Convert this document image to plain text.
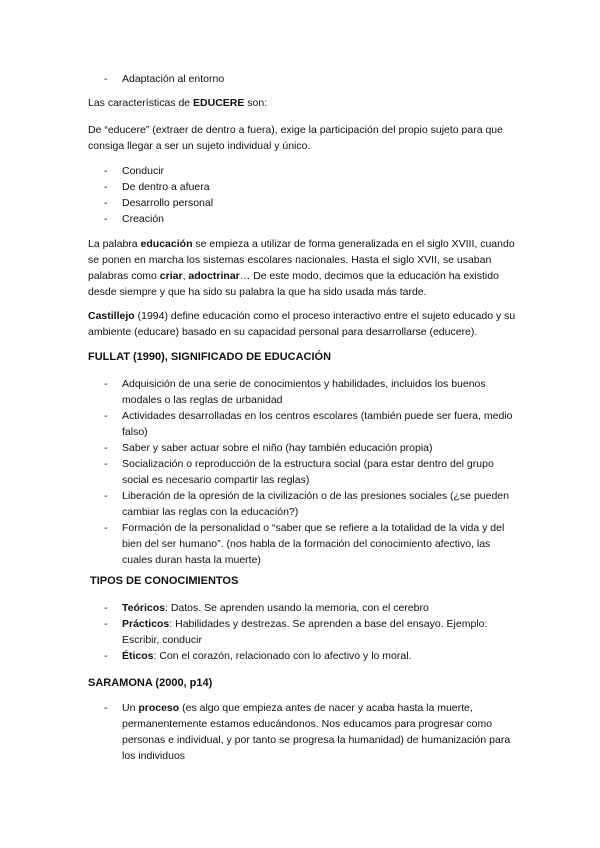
- Adaptación al entorno

Las características de EDUCERE son:

De “educere” (extraer de dentro a fuera), exige la participación del propio sujeto para que consiga llegar a ser un sujeto individual y único.

- Conducir
- De dentro a afuera
- Desarrollo personal
- Creación

La palabra educación se empieza a utilizar de forma generalizada en el siglo XVIII, cuando se ponen en marcha los sistemas escolares nacionales. Hasta el siglo XVII, se usaban palabras como criar, adoctrinar… De este modo, decimos que la educación ha existido desde siempre y que ha sido su palabra la que ha sido usada más tarde.

Castillejo (1994) define educación como el proceso interactivo entre el sujeto educado y su ambiente (educare) basado en su capacidad personal para desarrollarse (educere).

FULLAT (1990), SIGNIFICADO DE EDUCACIÓN

- Adquisición de una serie de conocimientos y habilidades, incluidos los buenos modales o las reglas de urbanidad
- Actividades desarrolladas en los centros escolares (también puede ser fuera, medio falso)
- Saber y saber actuar sobre el niño (hay también educación propia)
- Socialización o reproducción de la estructura social (para estar dentro del grupo social es necesario compartir las reglas)
- Liberación de la opresión de la civilización o de las presiones sociales (¿se pueden cambiar las reglas con la educación?)
- Formación de la personalidad o “saber que se refiere a la totalidad de la vida y del bien del ser humano”. (nos habla de la formación del conocimiento afectivo, las cuales duran hasta la muerte)

TIPOS DE CONOCIMIENTOS

- Teóricos: Datos. Se aprenden usando la memoria, con el cerebro
- Prácticos: Habilidades y destrezas. Se aprenden a base del ensayo. Ejemplo: Escribir, conducir
- Éticos: Con el corazón, relacionado con lo afectivo y lo moral.

SARAMONA (2000, p14)

- Un proceso (es algo que empieza antes de nacer y acaba hasta la muerte, permanentemente estamos educándonos. Nos educamos para progresar como personas e individual, y por tanto se progresa la humanidad) de humanización para los individuos
